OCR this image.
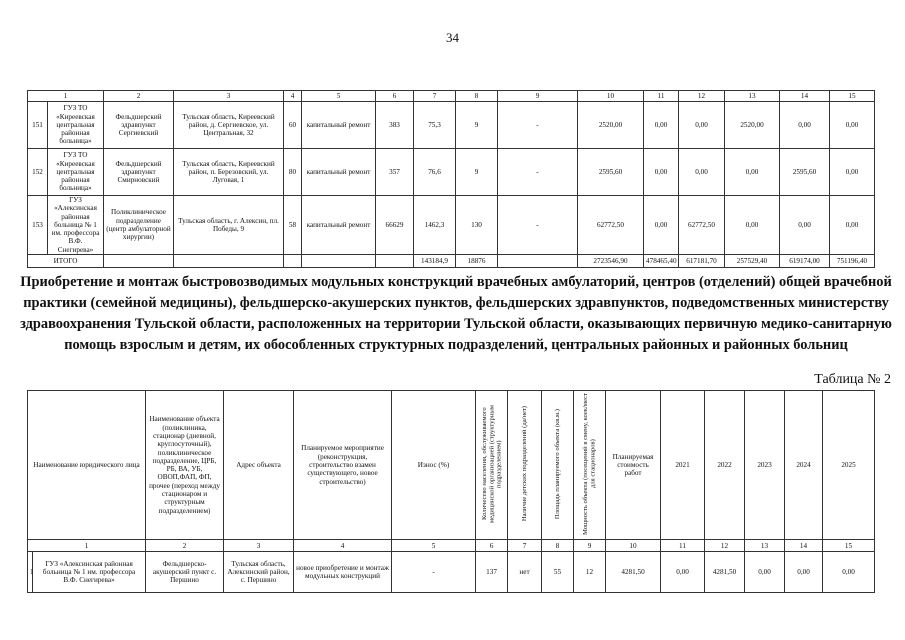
34
1		2	3	4	5	6	7	8	9	10	11	12	13	14	15
151	ГУЗ ТО «Киреевская центральная районная больница»	Фельдшерский здравпункт Сергиевский	Тульская область, Киреевский район, д. Сергиевское, ул. Центральная, 32	60	капитальный ремонт	383	75,3	9	-	2520,00	0,00	0,00	2520,00	0,00	0,00
152	ГУЗ ТО «Киреевская центральная районная больница»	Фельдшерский здравпункт Смирновский	Тульская область, Киреевский район, п. Березовский, ул. Луговая, 1	80	капитальный ремонт	357	76,6	9	-	2595,60	0,00	0,00	0,00	2595,60	0,00
153	ГУЗ «Алексинская районная больница № 1 им. профессора В.Ф. Снегирева»	Поликлиническое подразделение (центр амбулаторной хирургии)	Тульская область, г. Алексин, пл. Победы, 9	58	капитальный ремонт	66629	1462,3	130	-	62772,50	0,00	62772,50	0,00	0,00	0,00
ИТОГО							143184,9	18876		2723546,90	478465,40	617181,70	257529,40	619174,00	751196,40
Приобретение и монтаж быстровозводимых модульных конструкций врачебных амбулаторий, центров (отделений) общей врачебной практики (семейной медицины), фельдшерско-акушерских пунктов, фельдшерских здравпунктов, подведомственных министерству здравоохранения Тульской области, расположенных на территории Тульской области, оказывающих первичную медико-санитарную помощь взрослым и детям, их обособленных структурных подразделений, центральных районных и районных больниц
Таблица № 2
Наименование юридического лица		Наименование объекта (поликлиника, стационар (дневной, круглосуточный), поликлиническое подразделение, ЦРБ, РБ, ВА, УБ, ОВОП,ФАП, ФП, прочее (переход между стационаром и структурным подразделением)	Адрес объекта	Планируемое мероприятие (реконструкция, строительство взамен существующего, новое строительство)	Износ (%)	Количество населения, обслуживаемого медицинской организацией (структурным подразделением)	Наличие детских подразделений (да/нет)	Площадь планируемого объекта (кв.м.)	Мощность объекта (посещений в смену, коек/мест для стационаров)	Планируемая стоимость работ	2021	2022	2023	2024	2025
1		2	3	4	5	6	7	8	9	10	11	12	13	14	15
1	ГУЗ «Алексинская районная больница № 1 им. профессора В.Ф. Снегирева»	Фельдшерско-акушерский пункт с. Першино	Тульская область, Алексинский район, с. Першино	новое приобретение и монтаж модульных конструкций	-	137	нет	55	12	4281,50	0,00	4281,50	0,00	0,00	0,00
